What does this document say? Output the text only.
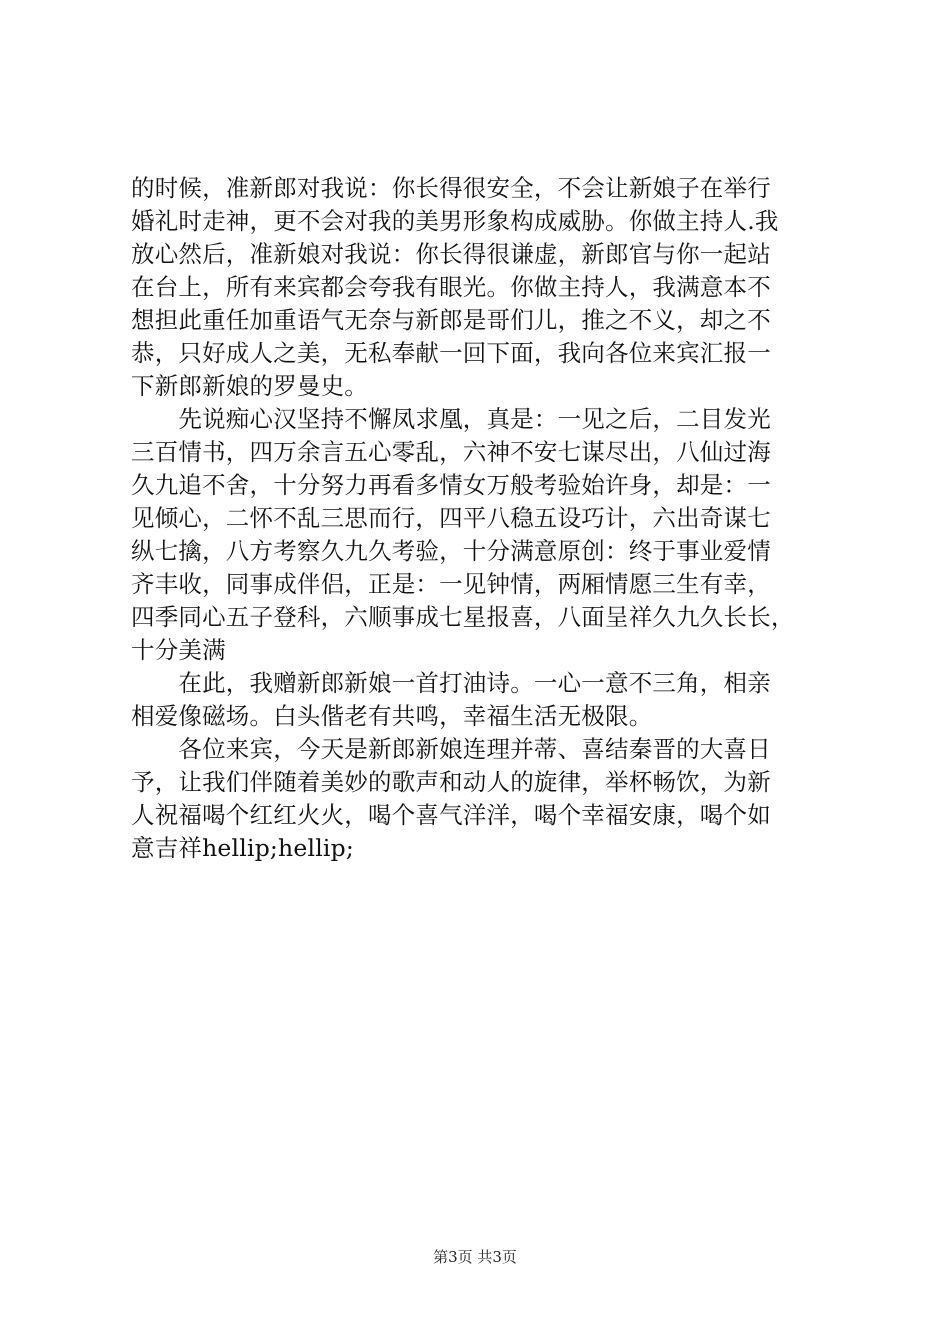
的时候，准新郎对我说：你长得很安全，不会让新娘子在举行
婚礼时走神，更不会对我的美男形象构成威胁。你做主持人.我
放心然后，准新娘对我说：你长得很谦虚，新郎官与你一起站
在台上，所有来宾都会夸我有眼光。你做主持人，我满意本不
想担此重任加重语气无奈与新郎是哥们儿，推之不义，却之不
恭，只好成人之美，无私奉献一回下面，我向各位来宾汇报一
下新郎新娘的罗曼史。
　　先说痴心汉坚持不懈凤求凰，真是：一见之后，二目发光
三百情书，四万余言五心零乱，六神不安七谋尽出，八仙过海
久九追不舍，十分努力再看多情女万般考验始许身，却是：一
见倾心，二怀不乱三思而行，四平八稳五设巧计，六出奇谋七
纵七擒，八方考察久九久考验，十分满意原创：终于事业爱情
齐丰收，同事成伴侣，正是：一见钟情，两厢情愿三生有幸，
四季同心五子登科，六顺事成七星报喜，八面呈祥久九久长长，
十分美满
　　在此，我赠新郎新娘一首打油诗。一心一意不三角，相亲
相爱像磁场。白头偕老有共鸣，幸福生活无极限。
　　各位来宾，今天是新郎新娘连理并蒂、喜结秦晋的大喜日
予，让我们伴随着美妙的歌声和动人的旋律，举杯畅饮，为新
人祝福喝个红红火火，喝个喜气洋洋，喝个幸福安康，喝个如
意吉祥hellip;hellip;
第3页 共3页
